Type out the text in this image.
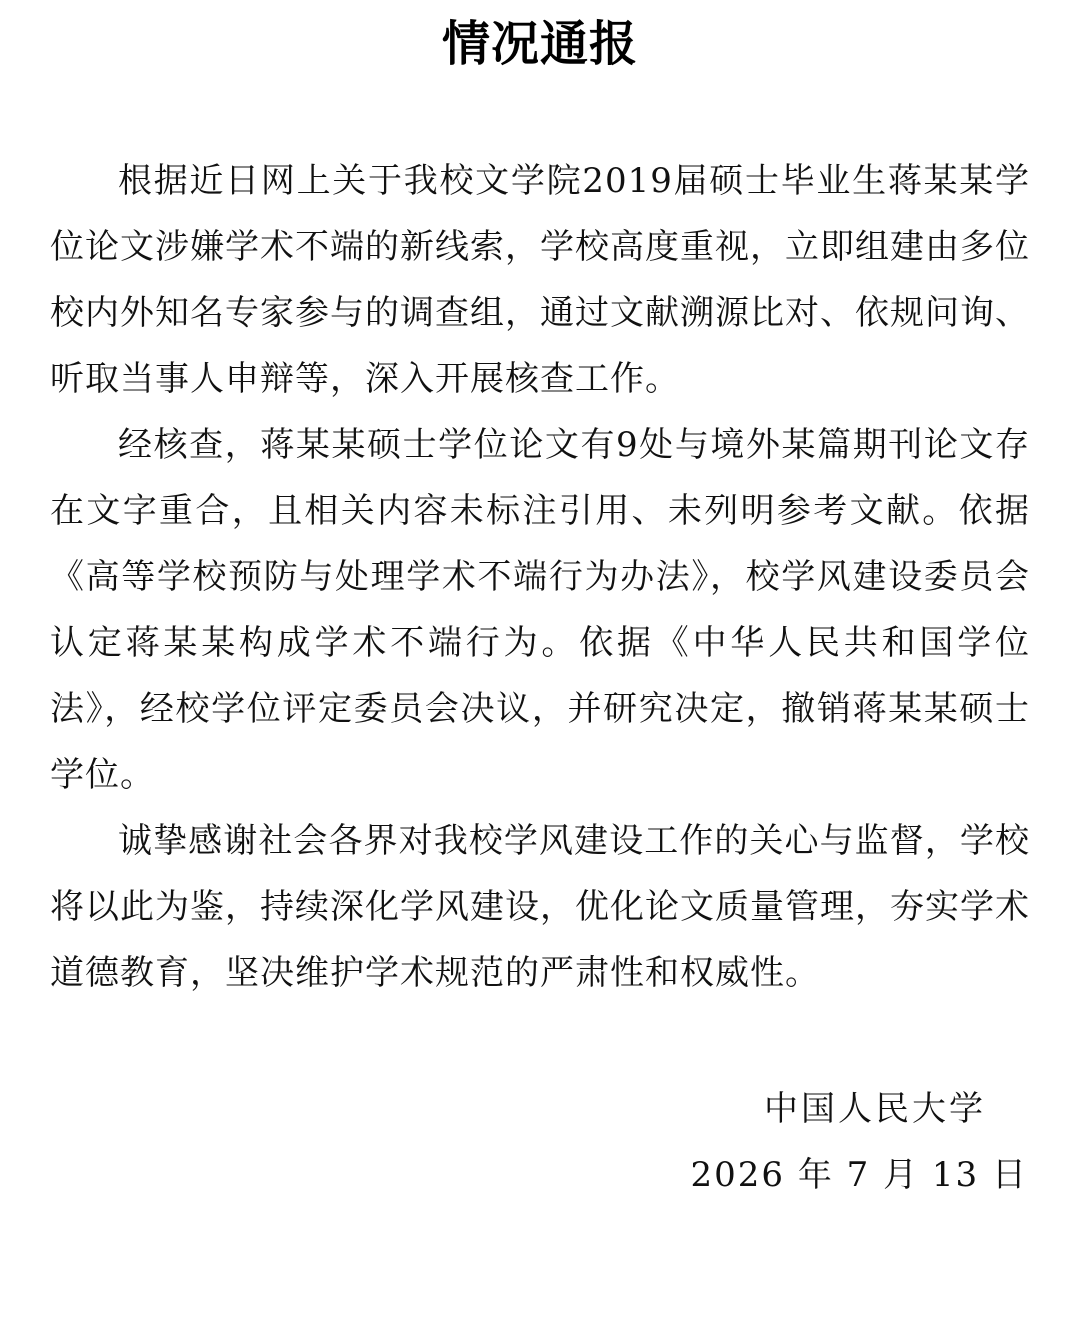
情况通报

根据近日网上关于我校文学院2019届硕士毕业生蒋某某学位论文涉嫌学术不端的新线索，学校高度重视，立即组建由多位校内外知名专家参与的调查组，通过文献溯源比对、依规问询、听取当事人申辩等，深入开展核查工作。

经核查，蒋某某硕士学位论文有9处与境外某篇期刊论文存在文字重合，且相关内容未标注引用、未列明参考文献。依据《高等学校预防与处理学术不端行为办法》，校学风建设委员会认定蒋某某构成学术不端行为。依据《中华人民共和国学位法》，经校学位评定委员会决议，并研究决定，撤销蒋某某硕士学位。

诚挚感谢社会各界对我校学风建设工作的关心与监督，学校将以此为鉴，持续深化学风建设，优化论文质量管理，夯实学术道德教育，坚决维护学术规范的严肃性和权威性。

中国人民大学
2026 年 7 月 13 日
